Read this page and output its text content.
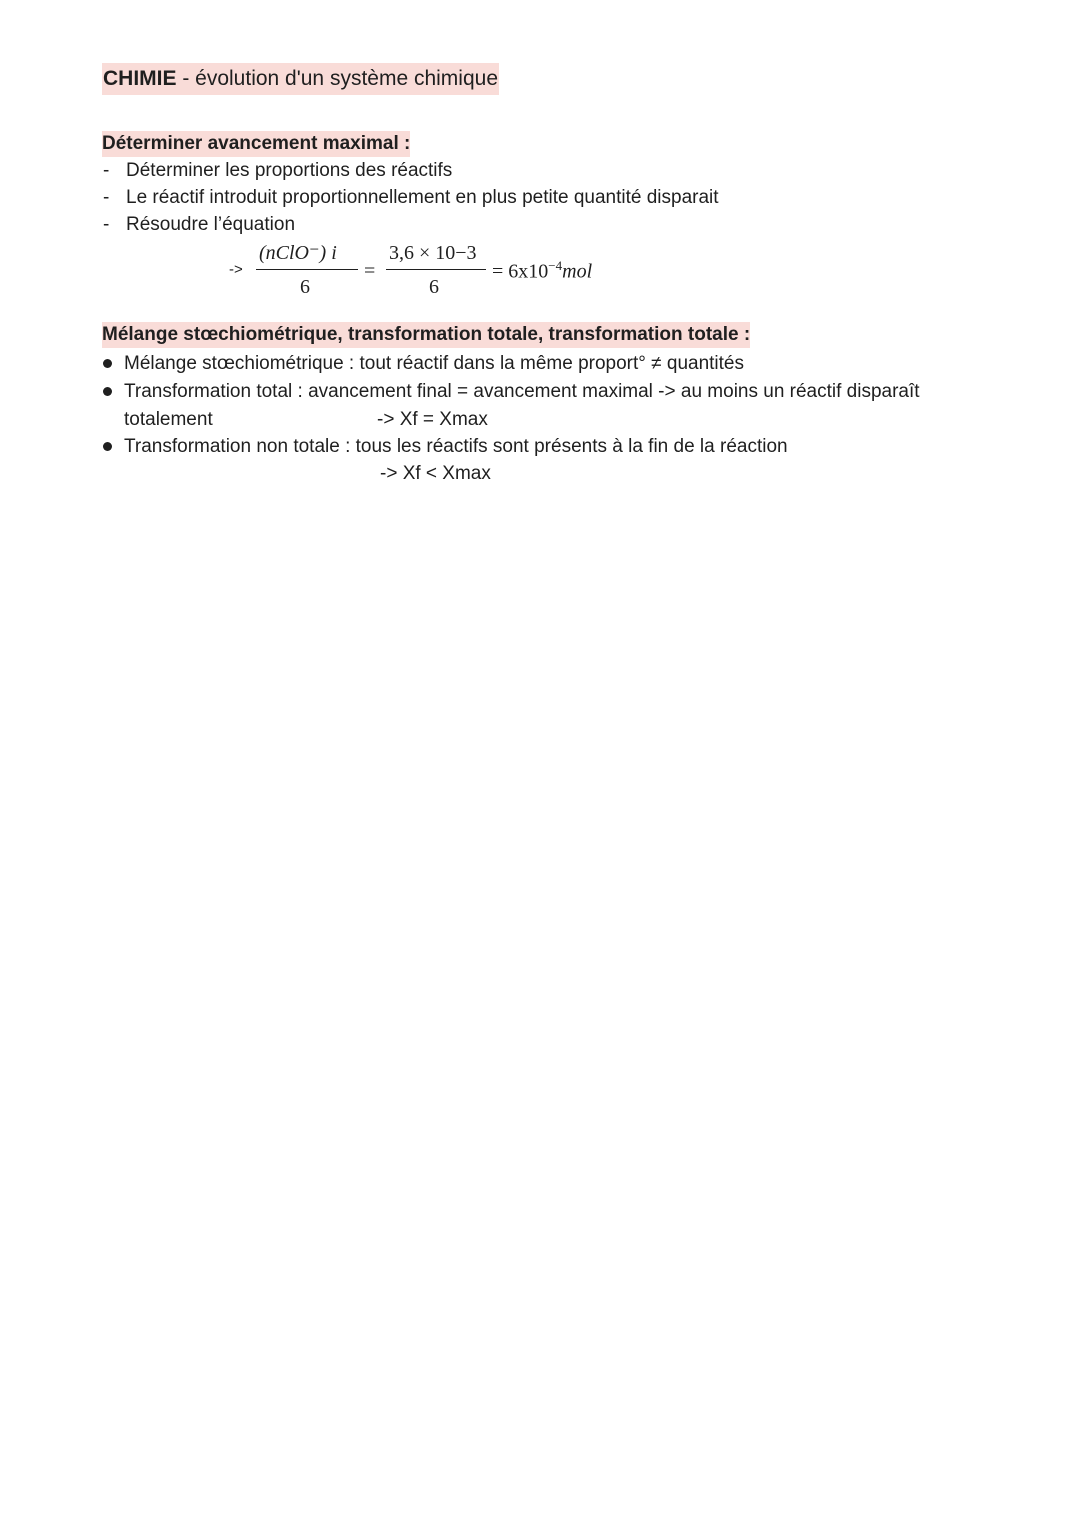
CHIMIE - évolution d'un système chimique
Déterminer avancement maximal :
- Déterminer les proportions des réactifs
- Le réactif introduit proportionnellement en plus petite quantité disparait
- Résoudre l’équation
->
(nClO⁻) i
6
=
3,6 × 10−3
6
= $6x10^{-4}mol$
Mélange stœchiométrique, transformation totale, transformation totale :
Mélange stœchiométrique : tout réactif dans la même proport° ≠ quantités
Transformation total : avancement final = avancement maximal -> au moins un réactif disparaît
totalement	-> Xf = Xmax
Transformation non totale : tous les réactifs sont présents à la fin de la réaction
-> Xf < Xmax
